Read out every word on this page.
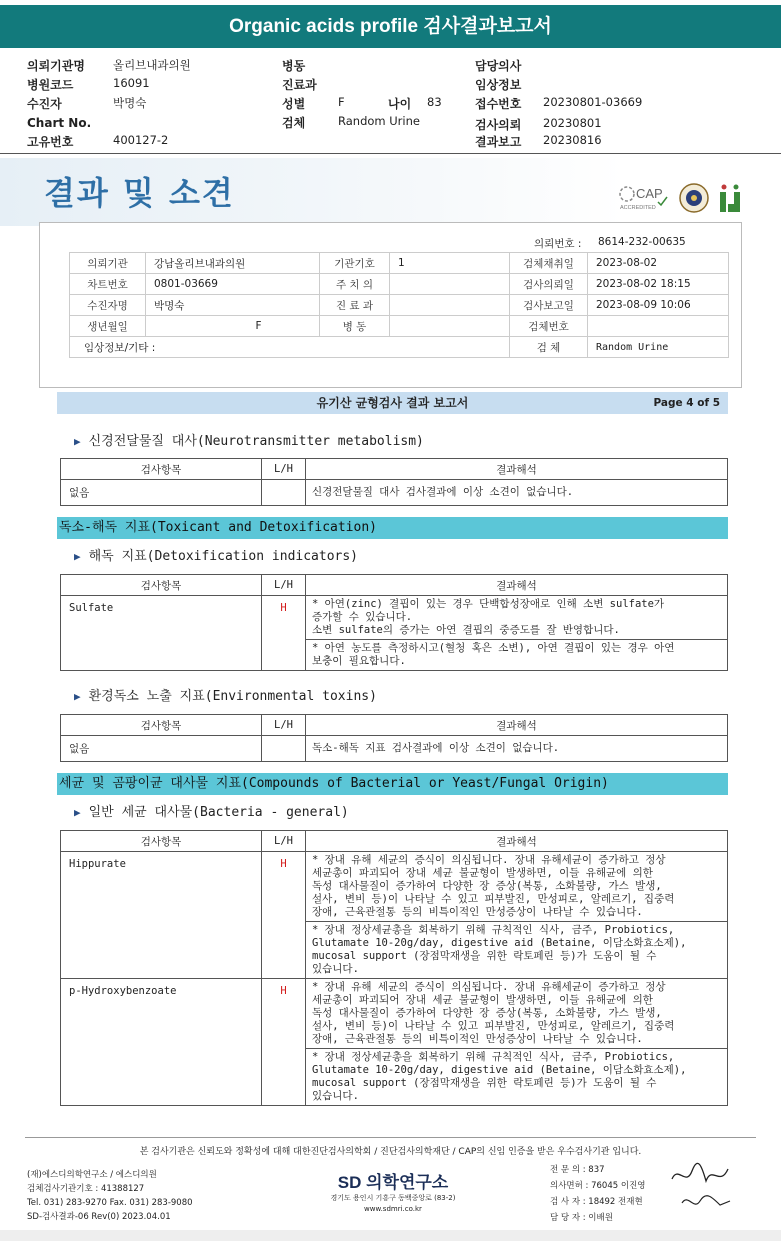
Organic acids profile 검사결과보고서
의뢰기관명 올리브내과의원
병원코드	16091
수진자	박명숙
Chart No.
고유번호	400127-2
병동
진료과
성별	F	나이 83
검체	Random Urine
담당의사
임상정보
접수번호 20230801-03669
검사의뢰 20230801
결과보고 20230816
결과 및 소견	CAP
ACCREDITED
의뢰번호 : 8614-232-00635
의뢰기관	강남올리브내과의원	기관기호	1	검체채취일	2023-08-02
차트번호	0801-03669	주 치 의		검사의뢰일	2023-08-02 18:15
수진자명	박명숙	진 료 과		검사보고일	2023-08-09 10:06
생년월일	F	병 동		검체번호	
임상정보/기타 :				검 체	Random Urine
유기산 균형검사 결과 보고서	Page 4 of 5
▶ 신경전달물질 대사(Neurotransmitter metabolism)
검사항목	L/H	결과해석
없음		신경전달물질 대사 검사결과에 이상 소견이 없습니다.
독소-해독 지표(Toxicant and Detoxification)
▶ 해독 지표(Detoxification indicators)
검사항목	L/H	결과해석
Sulfate	H	* 아연(zinc) 결핍이 있는 경우 단백합성장애로 인해 소변 sulfate가
증가할 수 있습니다.
소변 sulfate의 증가는 아연 결핍의 중증도를 잘 반영합니다.

		* 아연 농도를 측정하시고(혈청 혹은 소변), 아연 결핍이 있는 경우 아연
보충이 필요합니다.
▶ 환경독소 노출 지표(Environmental toxins)
검사항목	L/H	결과해석
없음		독소-해독 지표 검사결과에 이상 소견이 없습니다.
세균 및 곰팡이균 대사물 지표(Compounds of Bacterial or Yeast/Fungal Origin)
▶ 일반 세균 대사물(Bacteria - general)
검사항목	L/H	결과해석
Hippurate	H	* 장내 유해 세균의 증식이 의심됩니다. 장내 유해세균이 증가하고 정상
세균총이 파괴되어 장내 세균 불균형이 발생하면, 이들 유해균에 의한
독성 대사물질이 증가하여 다양한 장 증상(복통, 소화불량, 가스 발생,
설사, 변비 등)이 나타날 수 있고 피부발진, 만성피로, 알레르기, 집중력
장애, 근육관절통 등의 비특이적인 만성증상이 나타날 수 있습니다.

		* 장내 정상세균총을 회복하기 위해 규칙적인 식사, 금주, Probiotics,
Glutamate 10-20g/day, digestive aid (Betaine, 이담소화효소제),
mucosal support (장점막재생을 위한 락토페린 등)가 도움이 될 수
있습니다.

p-Hydroxybenzoate	H	* 장내 유해 세균의 증식이 의심됩니다. 장내 유해세균이 증가하고 정상
세균총이 파괴되어 장내 세균 불균형이 발생하면, 이들 유해균에 의한
독성 대사물질이 증가하여 다양한 장 증상(복통, 소화불량, 가스 발생,
설사, 변비 등)이 나타날 수 있고 피부발진, 만성피로, 알레르기, 집중력
장애, 근육관절통 등의 비특이적인 만성증상이 나타날 수 있습니다.

		* 장내 정상세균총을 회복하기 위해 규칙적인 식사, 금주, Probiotics,
Glutamate 10-20g/day, digestive aid (Betaine, 이담소화효소제),
mucosal support (장점막재생을 위한 락토페린 등)가 도움이 될 수
있습니다.
본 검사기관은 신뢰도와 정확성에 대해 대한진단검사의학회 / 진단검사의학재단 / CAP의 신임 인증을 받은 우수검사기관 입니다.
(재)에스디의학연구소 / 에스디의원
검체검사기관기호 : 41388127
Tel. 031) 283-9270 Fax. 031) 283-9080
SD-검사결과-06 Rev(0) 2023.04.01
SD 의학연구소
경기도 용인시 기흥구 동백중앙로 (83-2)
www.sdmri.co.kr
전 문 의 : 837
의사면허 : 76045 이진영
검 사 자 : 18492 전재현
담 당 자 : 이배원
